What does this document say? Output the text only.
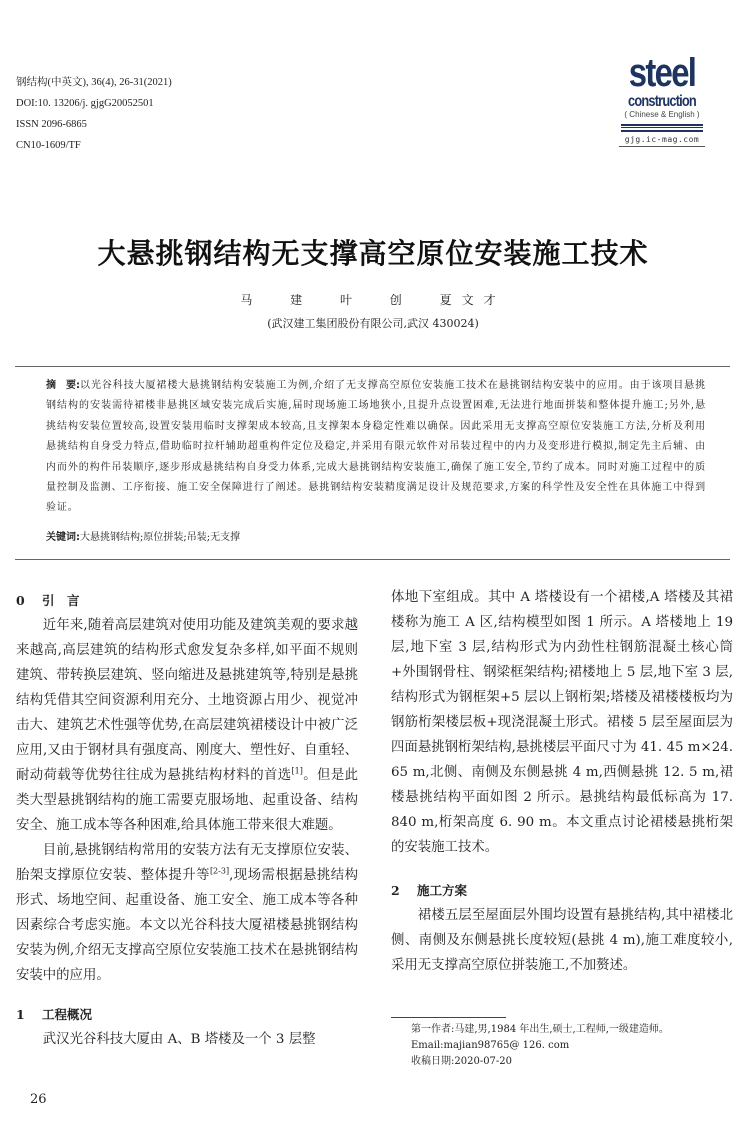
钢结构(中英文), 36(4), 26-31(2021)
DOI:10. 13206/j. gjgG20052501
ISSN 2096-6865
CN10-1609/TF
steel
construction
( Chinese & English )
gjg.ic-mag.com
大悬挑钢结构无支撑高空原位安装施工技术
马 建 叶 创 夏文才
(武汉建工集团股份有限公司,武汉 430024)
摘　要:以光谷科技大厦裙楼大悬挑钢结构安装施工为例,介绍了无支撑高空原位安装施工技术在悬挑钢结构安装中的应用。由于该项目悬挑钢结构的安装需待裙楼非悬挑区域安装完成后实施,届时现场施工场地狭小,且提升点设置困难,无法进行地面拼装和整体提升施工;另外,悬挑结构安装位置较高,设置安装用临时支撑架成本较高,且支撑架本身稳定性难以确保。因此采用无支撑高空原位安装施工方法,分析及利用悬挑结构自身受力特点,借助临时拉杆辅助超重构件定位及稳定,并采用有限元软件对吊装过程中的内力及变形进行模拟,制定先主后辅、由内而外的构件吊装顺序,逐步形成悬挑结构自身受力体系,完成大悬挑钢结构安装施工,确保了施工安全,节约了成本。同时对施工过程中的质量控制及监测、工序衔接、施工安全保障进行了阐述。悬挑钢结构安装精度满足设计及规范要求,方案的科学性及安全性在具体施工中得到验证。
关键词:大悬挑钢结构;原位拼装;吊装;无支撑

0 引　言

近年来,随着高层建筑对使用功能及建筑美观的要求越来越高,高层建筑的结构形式愈发复杂多样,如平面不规则建筑、带转换层建筑、竖向缩进及悬挑建筑等,特别是悬挑结构凭借其空间资源利用充分、土地资源占用少、视觉冲击大、建筑艺术性强等优势,在高层建筑裙楼设计中被广泛应用,又由于钢材具有强度高、刚度大、塑性好、自重轻、耐动荷载等优势往往成为悬挑结构材料的首选[1]。但是此类大型悬挑钢结构的施工需要克服场地、起重设备、结构安全、施工成本等各种困难,给具体施工带来很大难题。

目前,悬挑钢结构常用的安装方法有无支撑原位安装、胎架支撑原位安装、整体提升等[2-3],现场需根据悬挑结构形式、场地空间、起重设备、施工安全、施工成本等各种因素综合考虑实施。本文以光谷科技大厦裙楼悬挑钢结构安装为例,介绍无支撑高空原位安装施工技术在悬挑钢结构安装中的应用。

1 工程概况

武汉光谷科技大厦由 A、B 塔楼及一个 3 层整

体地下室组成。其中 A 塔楼设有一个裙楼,A 塔楼及其裙楼称为施工 A 区,结构模型如图 1 所示。A 塔楼地上 19 层,地下室 3 层,结构形式为内劲性柱钢筋混凝土核心筒+外围钢骨柱、钢梁框架结构;裙楼地上 5 层,地下室 3 层,结构形式为钢框架+5 层以上钢桁架;塔楼及裙楼楼板均为钢筋桁架楼层板+现浇混凝土形式。裙楼 5 层至屋面层为四面悬挑钢桁架结构,悬挑楼层平面尺寸为 41. 45 m×24. 65 m,北侧、南侧及东侧悬挑 4 m,西侧悬挑 12. 5 m,裙楼悬挑结构平面如图 2 所示。悬挑结构最低标高为 17. 840 m,桁架高度 6. 90 m。本文重点讨论裙楼悬挑桁架的安装施工技术。

2 施工方案

裙楼五层至屋面层外围均设置有悬挑结构,其中裙楼北侧、南侧及东侧悬挑长度较短(悬挑 4 m),施工难度较小,采用无支撑高空原位拼装施工,不加赘述。

第一作者:马建,男,1984 年出生,硕士,工程师,一级建造师。
Email:majian98765@ 126. com
收稿日期:2020-07-20
26
